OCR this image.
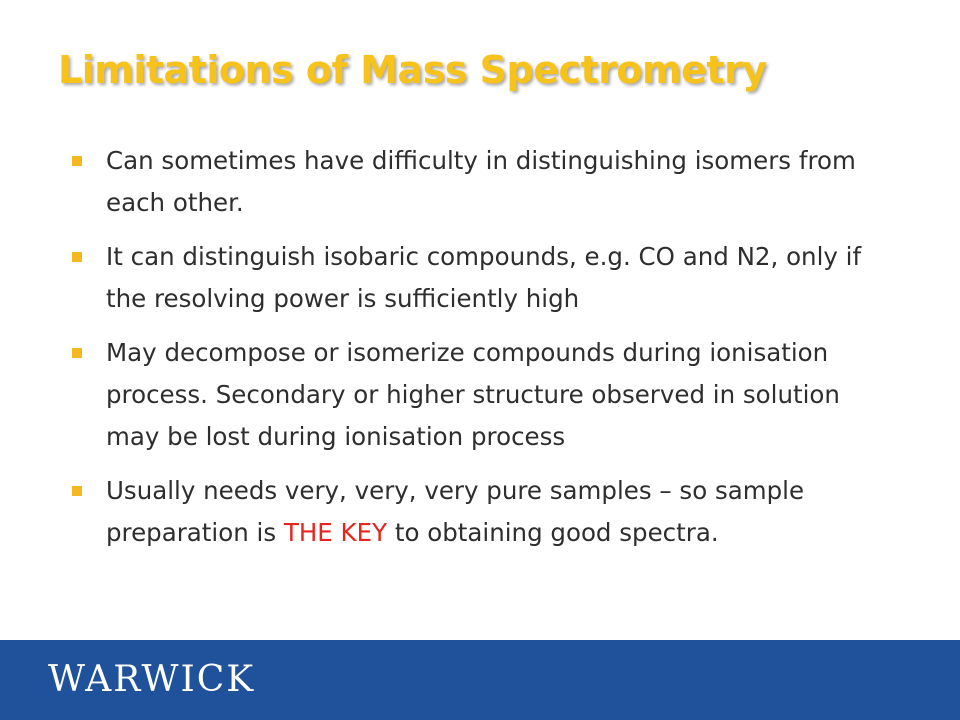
Limitations of Mass Spectrometry
Can sometimes have difficulty in distinguishing isomers from each other.
It can distinguish isobaric compounds, e.g. CO and N2, only if the resolving power is sufficiently high
May decompose or isomerize compounds during ionisation process. Secondary or higher structure observed in solution may be lost during ionisation process
Usually needs very, very, very pure samples – so sample preparation is THE KEY to obtaining good spectra.
WARWICK
